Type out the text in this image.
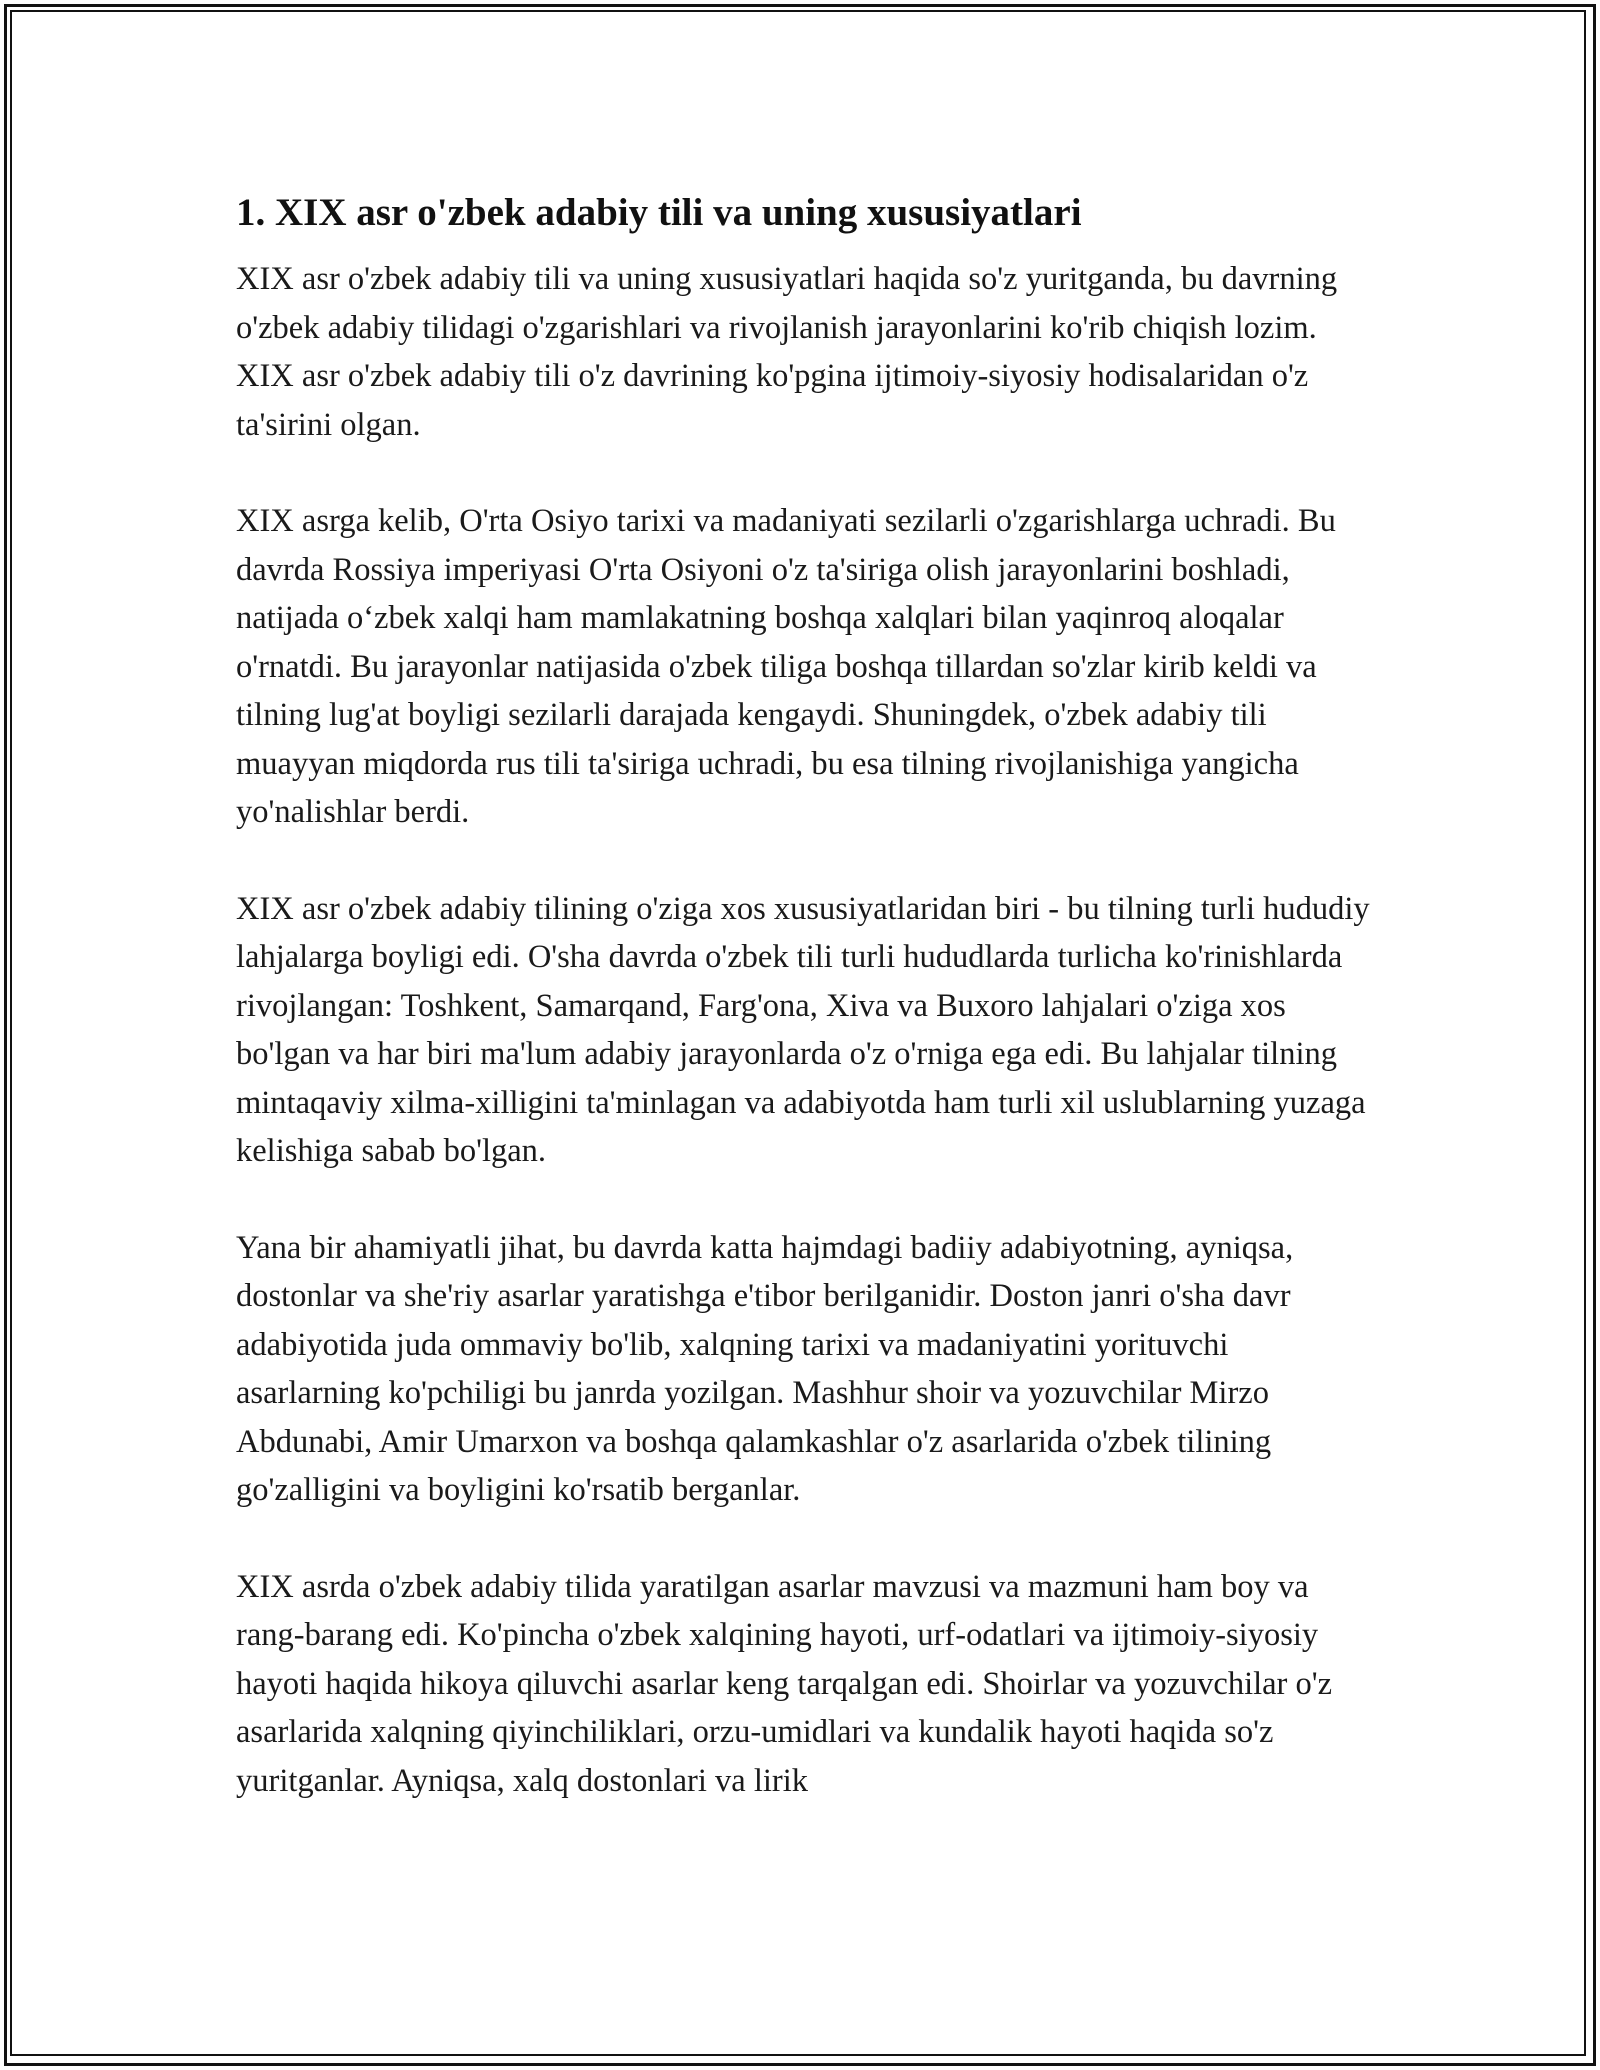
1. XIX asr o'zbek adabiy tili va uning xususiyatlari

XIX asr o'zbek adabiy tili va uning xususiyatlari haqida so'z yuritganda, bu davrning o'zbek adabiy tilidagi o'zgarishlari va rivojlanish jarayonlarini ko'rib chiqish lozim. XIX asr o'zbek adabiy tili o'z davrining ko'pgina ijtimoiy-siyosiy hodisalaridan o'z ta'sirini olgan.

XIX asrga kelib, O'rta Osiyo tarixi va madaniyati sezilarli o'zgarishlarga uchradi. Bu davrda Rossiya imperiyasi O'rta Osiyoni o'z ta'siriga olish jarayonlarini boshladi, natijada o‘zbek xalqi ham mamlakatning boshqa xalqlari bilan yaqinroq aloqalar o'rnatdi. Bu jarayonlar natijasida o'zbek tiliga boshqa tillardan so'zlar kirib keldi va tilning lug'at boyligi sezilarli darajada kengaydi. Shuningdek, o'zbek adabiy tili muayyan miqdorda rus tili ta'siriga uchradi, bu esa tilning rivojlanishiga yangicha yo'nalishlar berdi.

XIX asr o'zbek adabiy tilining o'ziga xos xususiyatlaridan biri - bu tilning turli hududiy lahjalarga boyligi edi. O'sha davrda o'zbek tili turli hududlarda turlicha ko'rinishlarda rivojlangan: Toshkent, Samarqand, Farg'ona, Xiva va Buxoro lahjalari o'ziga xos bo'lgan va har biri ma'lum adabiy jarayonlarda o'z o'rniga ega edi. Bu lahjalar tilning mintaqaviy xilma-xilligini ta'minlagan va adabiyotda ham turli xil uslublarning yuzaga kelishiga sabab bo'lgan.

Yana bir ahamiyatli jihat, bu davrda katta hajmdagi badiiy adabiyotning, ayniqsa, dostonlar va she'riy asarlar yaratishga e'tibor berilganidir. Doston janri o'sha davr adabiyotida juda ommaviy bo'lib, xalqning tarixi va madaniyatini yorituvchi asarlarning ko'pchiligi bu janrda yozilgan. Mashhur shoir va yozuvchilar Mirzo Abdunabi, Amir Umarxon va boshqa qalamkashlar o'z asarlarida o'zbek tilining go'zalligini va boyligini ko'rsatib berganlar.

XIX asrda o'zbek adabiy tilida yaratilgan asarlar mavzusi va mazmuni ham boy va rang-barang edi. Ko'pincha o'zbek xalqining hayoti, urf-odatlari va ijtimoiy-siyosiy hayoti haqida hikoya qiluvchi asarlar keng tarqalgan edi. Shoirlar va yozuvchilar o'z asarlarida xalqning qiyinchiliklari, orzu-umidlari va kundalik hayoti haqida so'z yuritganlar. Ayniqsa, xalq dostonlari va lirik
